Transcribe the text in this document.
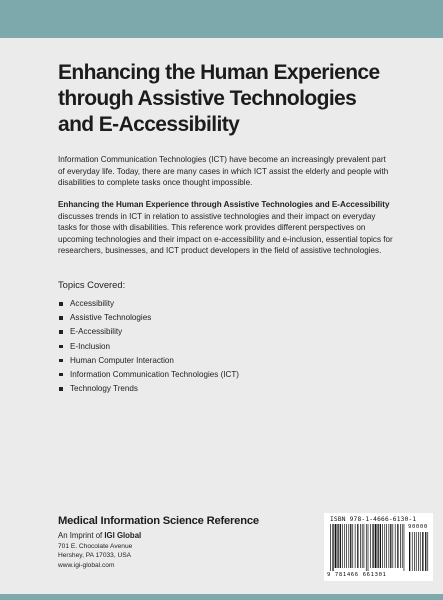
Enhancing the Human Experience
through Assistive Technologies
and E-Accessibility

Information Communication Technologies (ICT) have become an increasingly prevalent part of everyday life. Today, there are many cases in which ICT assist the elderly and people with disabilities to complete tasks once thought impossible.

Enhancing the Human Experience through Assistive Technologies and E-Accessibility discusses trends in ICT in relation to assistive technologies and their impact on everyday tasks for those with disabilities. This reference work provides different perspectives on upcoming technologies and their impact on e-accessibility and e-inclusion, essential topics for researchers, businesses, and ICT product developers in the field of assistive technologies.

Topics Covered:

Accessibility
Assistive Technologies
E-Accessibility
E-Inclusion
Human Computer Interaction
Information Communication Technologies (ICT)
Technology Trends
Medical Information Science Reference
An Imprint of IGI Global
701 E. Chocolate Avenue
Hershey, PA 17033, USA
www.igi-global.com
ISBN 978-1-4666-6130-1
9 781466 661301
90000
